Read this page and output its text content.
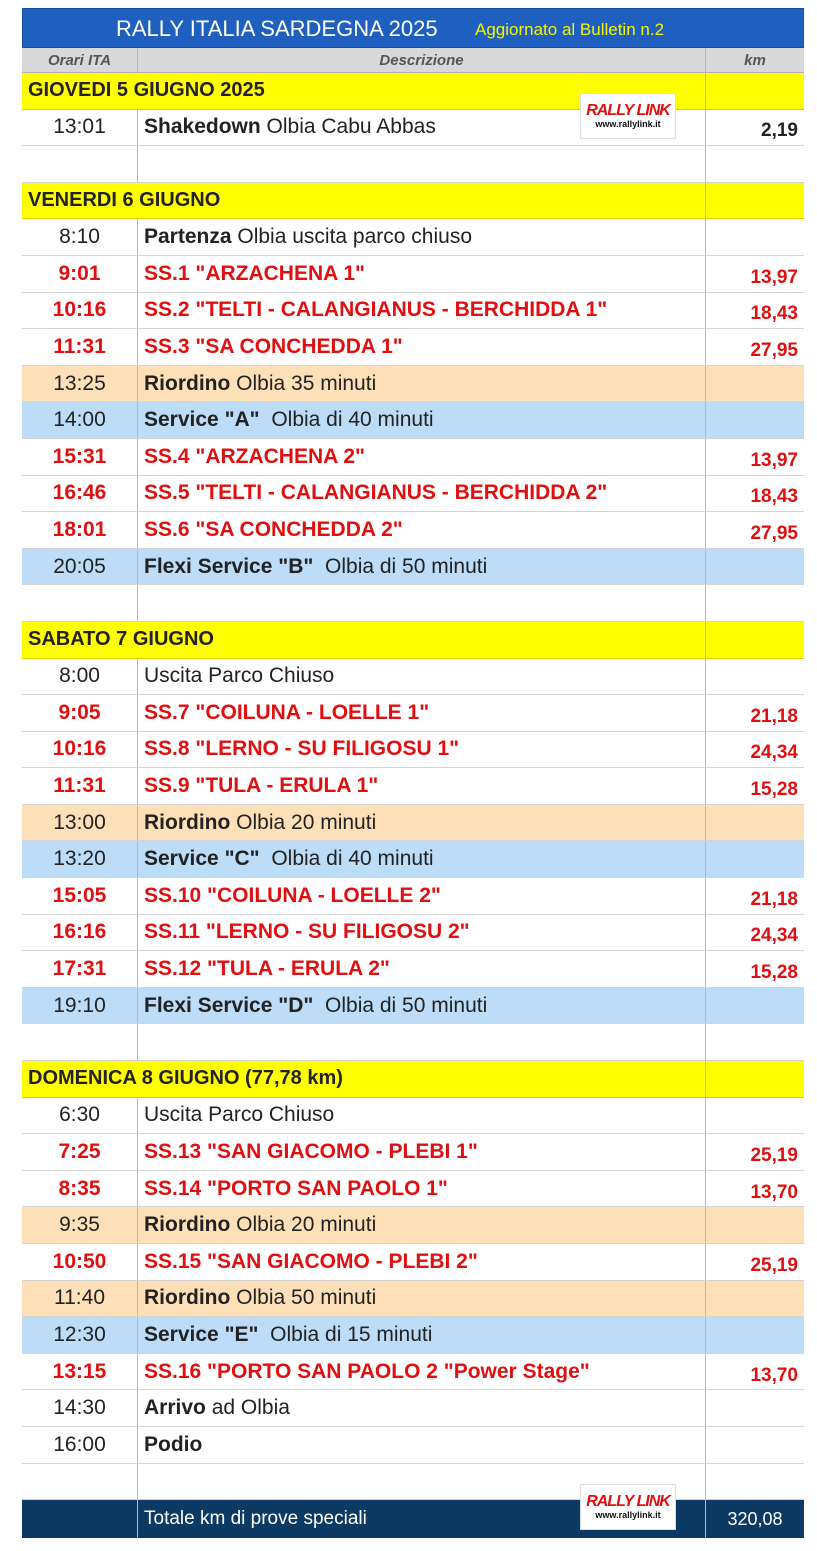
RALLY ITALIA SARDEGNA 2025 Aggiornato al Bulletin n.2
Orari ITA	Descrizione	km
GIOVEDI 5 GIUGNO 2025
13:01	Shakedown Olbia Cabu Abbas	2,19
VENERDI 6 GIUGNO
8:10	Partenza Olbia uscita parco chiuso
9:01	SS.1 "ARZACHENA 1"	13,97
10:16	SS.2 "TELTI - CALANGIANUS - BERCHIDDA 1"	18,43
11:31	SS.3 "SA CONCHEDDA 1"	27,95
13:25	Riordino Olbia 35 minuti
14:00	Service "A" Olbia di 40 minuti
15:31	SS.4 "ARZACHENA 2"	13,97
16:46	SS.5 "TELTI - CALANGIANUS - BERCHIDDA 2"	18,43
18:01	SS.6 "SA CONCHEDDA 2"	27,95
20:05	Flexi Service "B" Olbia di 50 minuti
SABATO 7 GIUGNO
8:00	Uscita Parco Chiuso
9:05	SS.7 "COILUNA - LOELLE 1"	21,18
10:16	SS.8 "LERNO - SU FILIGOSU 1"	24,34
11:31	SS.9 "TULA - ERULA 1"	15,28
13:00	Riordino Olbia 20 minuti
13:20	Service "C" Olbia di 40 minuti
15:05	SS.10 "COILUNA - LOELLE 2"	21,18
16:16	SS.11 "LERNO - SU FILIGOSU 2"	24,34
17:31	SS.12 "TULA - ERULA 2"	15,28
19:10	Flexi Service "D" Olbia di 50 minuti
DOMENICA 8 GIUGNO (77,78 km)
6:30	Uscita Parco Chiuso
7:25	SS.13 "SAN GIACOMO - PLEBI 1"	25,19
8:35	SS.14 "PORTO SAN PAOLO 1"	13,70
9:35	Riordino Olbia 20 minuti
10:50	SS.15 "SAN GIACOMO - PLEBI 2"	25,19
11:40	Riordino Olbia 50 minuti
12:30	Service "E" Olbia di 15 minuti
13:15	SS.16 "PORTO SAN PAOLO 2 "Power Stage"	13,70
14:30	Arrivo ad Olbia
16:00	Podio
Totale km di prove speciali	320,08
RALLY LINK
www.rallylink.it
RALLY LINK
www.rallylink.it
